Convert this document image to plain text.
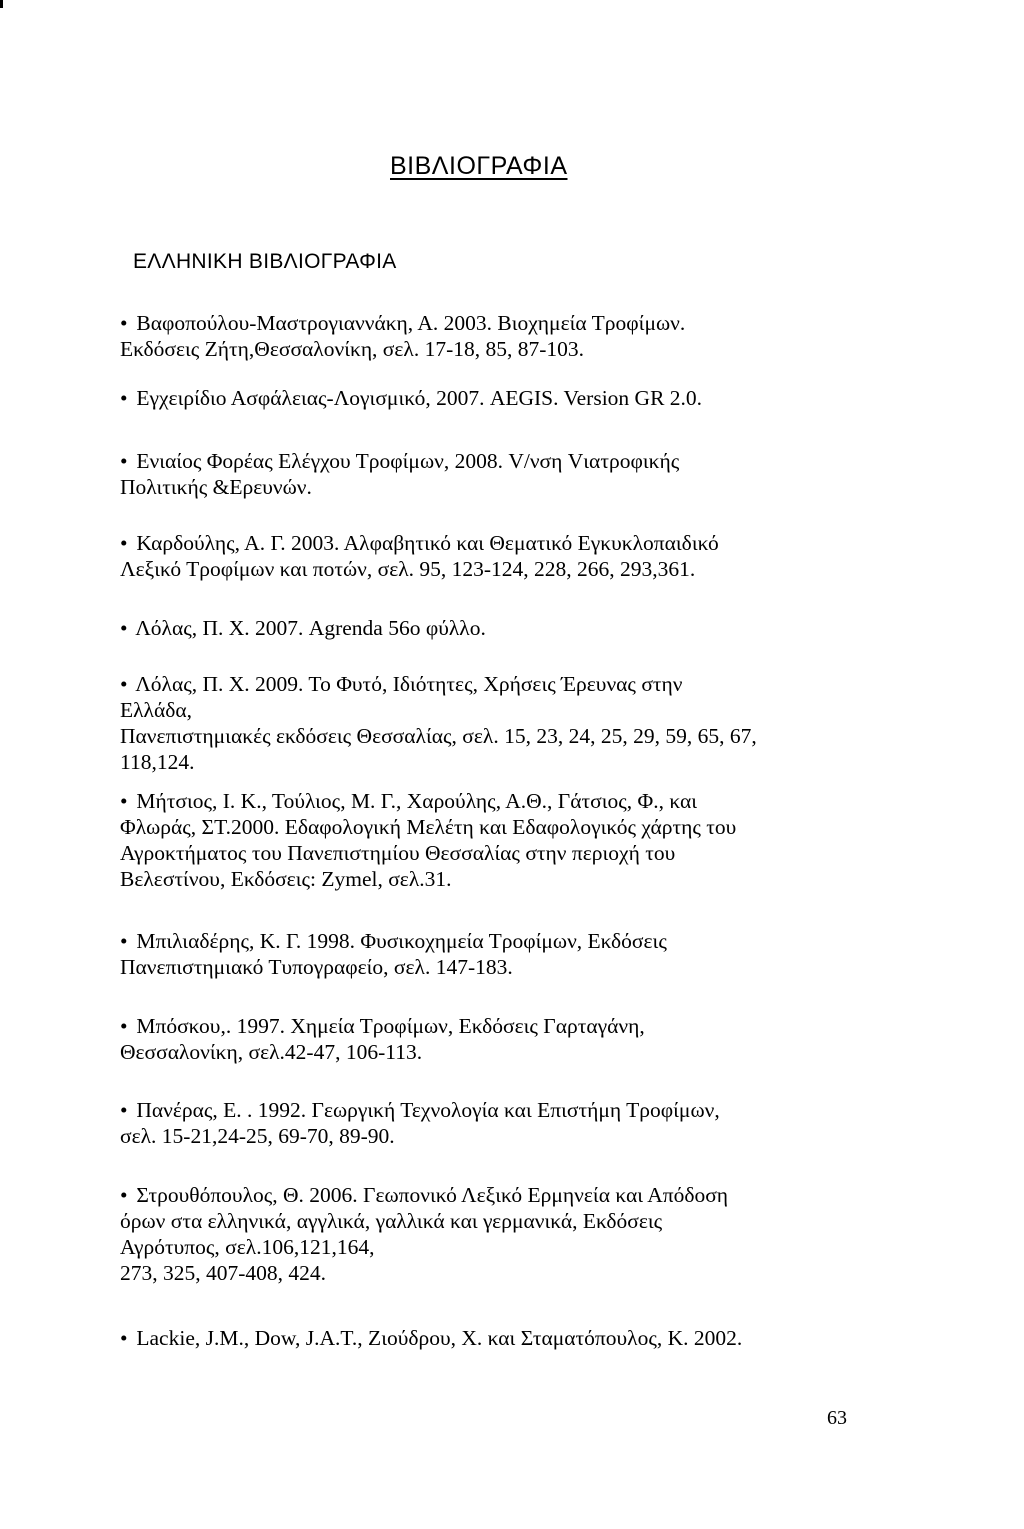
ΒΙΒΛΙΟΓΡΑΦΙΑ
ΕΛΛΗΝΙΚΗ ΒΙΒΛΙΟΓΡΑΦΙΑ
• Βαφοπούλου-Μαστρογιαννάκη, Α. 2003. Βιοχημεία Τροφίμων.
Εκδόσεις Ζήτη,Θεσσαλονίκη, σελ. 17-18, 85, 87-103.
• Εγχειρίδιο Ασφάλειας-Λογισμικό, 2007. AEGIS. Version GR 2.0.
• Ενιαίος Φορέας Ελέγχου Τροφίμων, 2008. V/νση Vιατροφικής
Πολιτικής &Ερευνών.
• Καρδούλης, Α. Γ. 2003. Αλφαβητικό και Θεματικό Εγκυκλοπαιδικό
Λεξικό Τροφίμων και ποτών, σελ. 95, 123-124, 228, 266, 293,361.
• Λόλας, Π. Χ. 2007. Agrenda 56ο φύλλο.
• Λόλας, Π. Χ. 2009. Το Φυτό, Ιδιότητες, Χρήσεις Έρευνας στην
Ελλάδα,
Πανεπιστημιακές εκδόσεις Θεσσαλίας, σελ. 15, 23, 24, 25, 29, 59, 65, 67,
118,124.
• Μήτσιος, Ι. Κ., Τούλιος, Μ. Γ., Χαρούλης, Α.Θ., Γάτσιος, Φ., και
Φλωράς, ΣΤ.2000. Εδαφολογική Μελέτη και Εδαφολογικός χάρτης του
Αγροκτήματος του Πανεπιστημίου Θεσσαλίας στην περιοχή του
Βελεστίνου, Εκδόσεις: Zymel, σελ.31.
• Μπιλιαδέρης, Κ. Γ. 1998. Φυσικοχημεία Τροφίμων, Εκδόσεις
Πανεπιστημιακό Τυπογραφείο, σελ. 147-183.
• Μπόσκου,. 1997. Χημεία Τροφίμων, Εκδόσεις Γαρταγάνη,
Θεσσαλονίκη, σελ.42-47, 106-113.
• Πανέρας, Ε. . 1992. Γεωργική Τεχνολογία και Επιστήμη Τροφίμων,
σελ. 15-21,24-25, 69-70, 89-90.
• Στρουθόπουλος, Θ. 2006. Γεωπονικό Λεξικό Ερμηνεία και Απόδοση
όρων στα ελληνικά, αγγλικά, γαλλικά και γερμανικά, Εκδόσεις
Αγρότυπος, σελ.106,121,164,
273, 325, 407-408, 424.
• Lackie, J.M., Dow, J.A.T., Ζιούδρου, Χ. και Σταματόπουλος, Κ. 2002.
63
